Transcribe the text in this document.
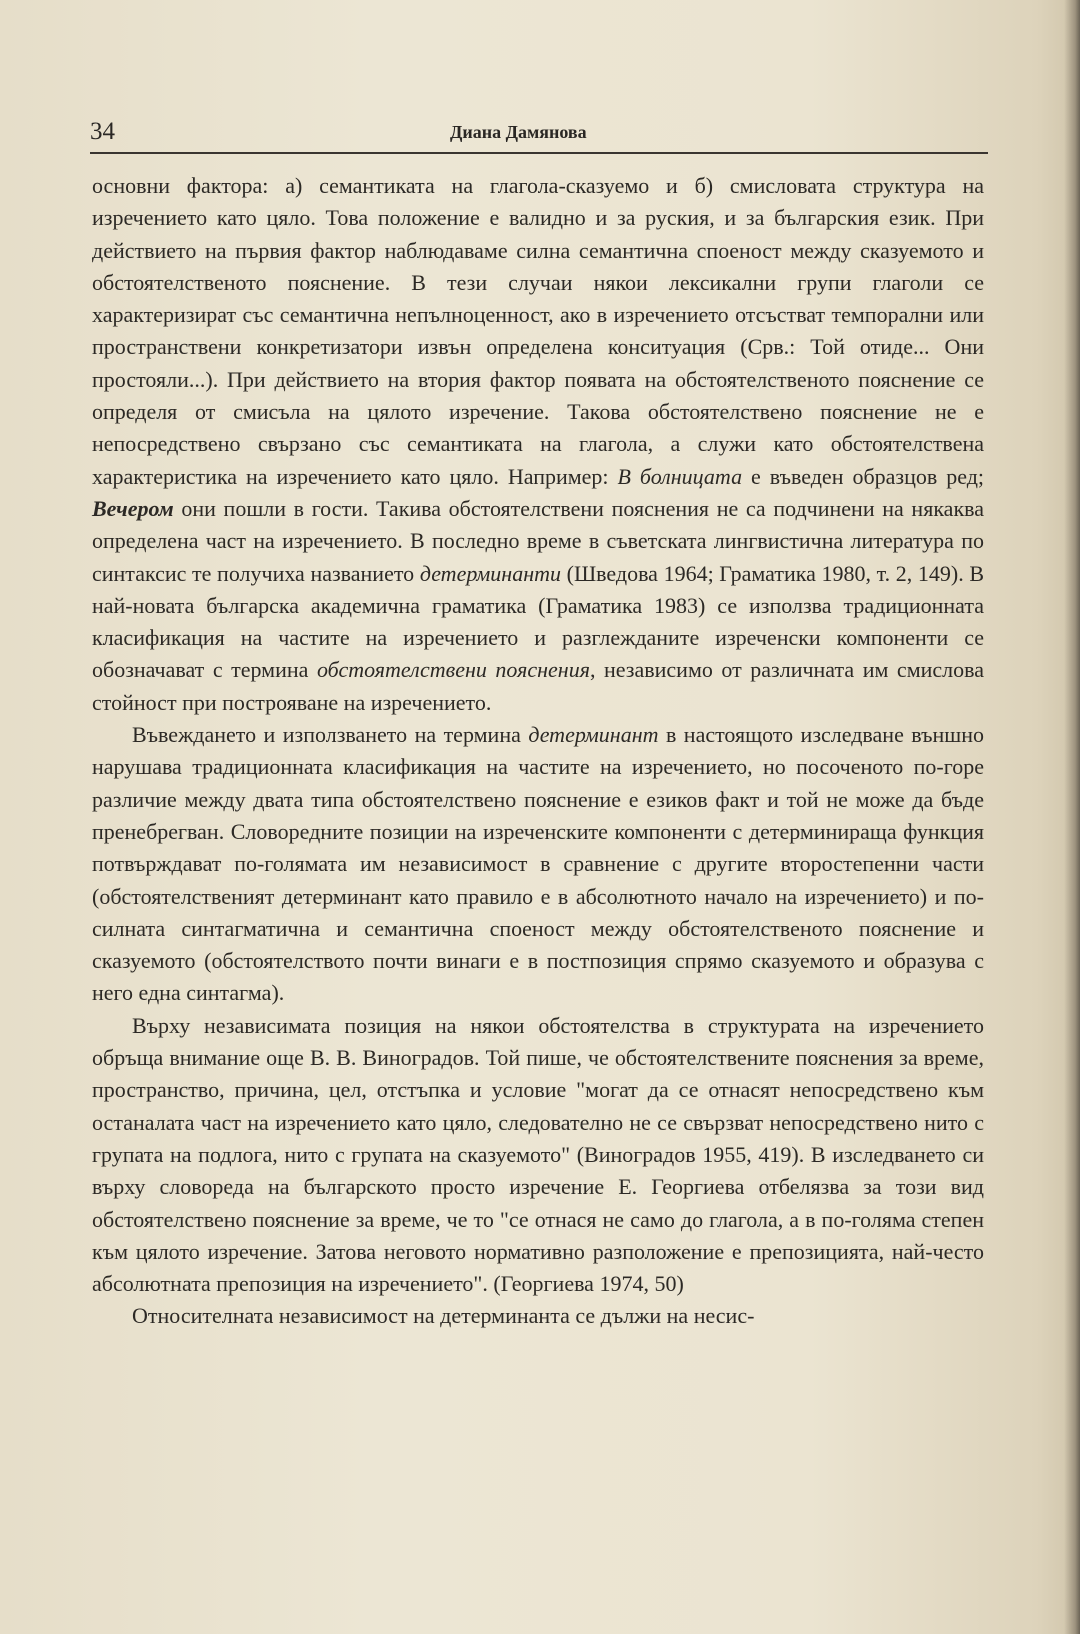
34	Диана Дамянова

основни фактора: а) семантиката на глагола-сказуемо и б) смисловата структура на изречението като цяло. Това положение е валидно и за руския, и за българския език. При действието на първия фактор наблюдаваме силна семантична спoеност между сказуемото и обстоятелственото пояснение. В тези случаи някои лексикални групи глаголи се характеризират със семантична непълноценност, ако в изречението отсъстват темпорални или пространствени конкретизатори извън определена конситуация (Срв.: Той отиде... Они простояли...). При действието на втория фактор появата на обстоятелственото пояснение се определя от смисъла на цялото изречение. Такова обстоятелствено пояснение не е непосредствено свързано със семантиката на глагола, а служи като обстоятелствена характеристика на изречението като цяло. Например: В болницата е въведен образцов ред; Вечером они пошли в гости. Такива обстоятелствени пояснения не са подчинени на някаква определена част на изречението. В последно време в съветската лингвистична литература по синтаксис те получиха названието детерминанти (Шведова 1964; Граматика 1980, т. 2, 149). В най-новата българска академична граматика (Граматика 1983) се използва традиционната класификация на частите на изречението и разглежданите изреченски компоненти се обозначават с термина обстоятелствени пояснения, независимо от различната им смислова стойност при построяване на изречението.

Въвеждането и използването на термина детерминант в настоящото изследване външно нарушава традиционната класификация на частите на изречението, но посоченото по-горе различие между двата типа обстоятелствено пояснение е езиков факт и той не може да бъде пренебрегван. Словоредните позиции на изреченските компоненти с детерминираща функция потвърждават по-голямата им независимост в сравнение с другите второстепенни части (обстоятелственият детерминант като правило е в абсолютното начало на изречението) и по-силната синтагматична и семантична спoеност между обстоятелственото пояснение и сказуемото (обстоятелството почти винаги е в постпозиция спрямо сказуемото и образува с него една синтагма).

Върху независимата позиция на някои обстоятелства в структурата на изречението обръща внимание още В. В. Виноградов. Той пише, че обстоятелствените пояснения за време, пространство, причина, цел, отстъпка и условие "могат да се отнасят непосредствено към останалата част на изречението като цяло, следователно не се свързват непосредствено нито с групата на подлога, нито с групата на сказуемото" (Виноградов 1955, 419). В изследването си върху словореда на българското просто изречение Е. Георгиева отбелязва за този вид обстоятелствено пояснение за време, че то "се отнася не само до глагола, а в по-голяма степен към цялото изречение. Затова неговото нормативно разположение е препозицията, най-често абсолютната препозиция на изречението". (Георгиева 1974, 50)

Относителната независимост на детерминанта се дължи на несис-
